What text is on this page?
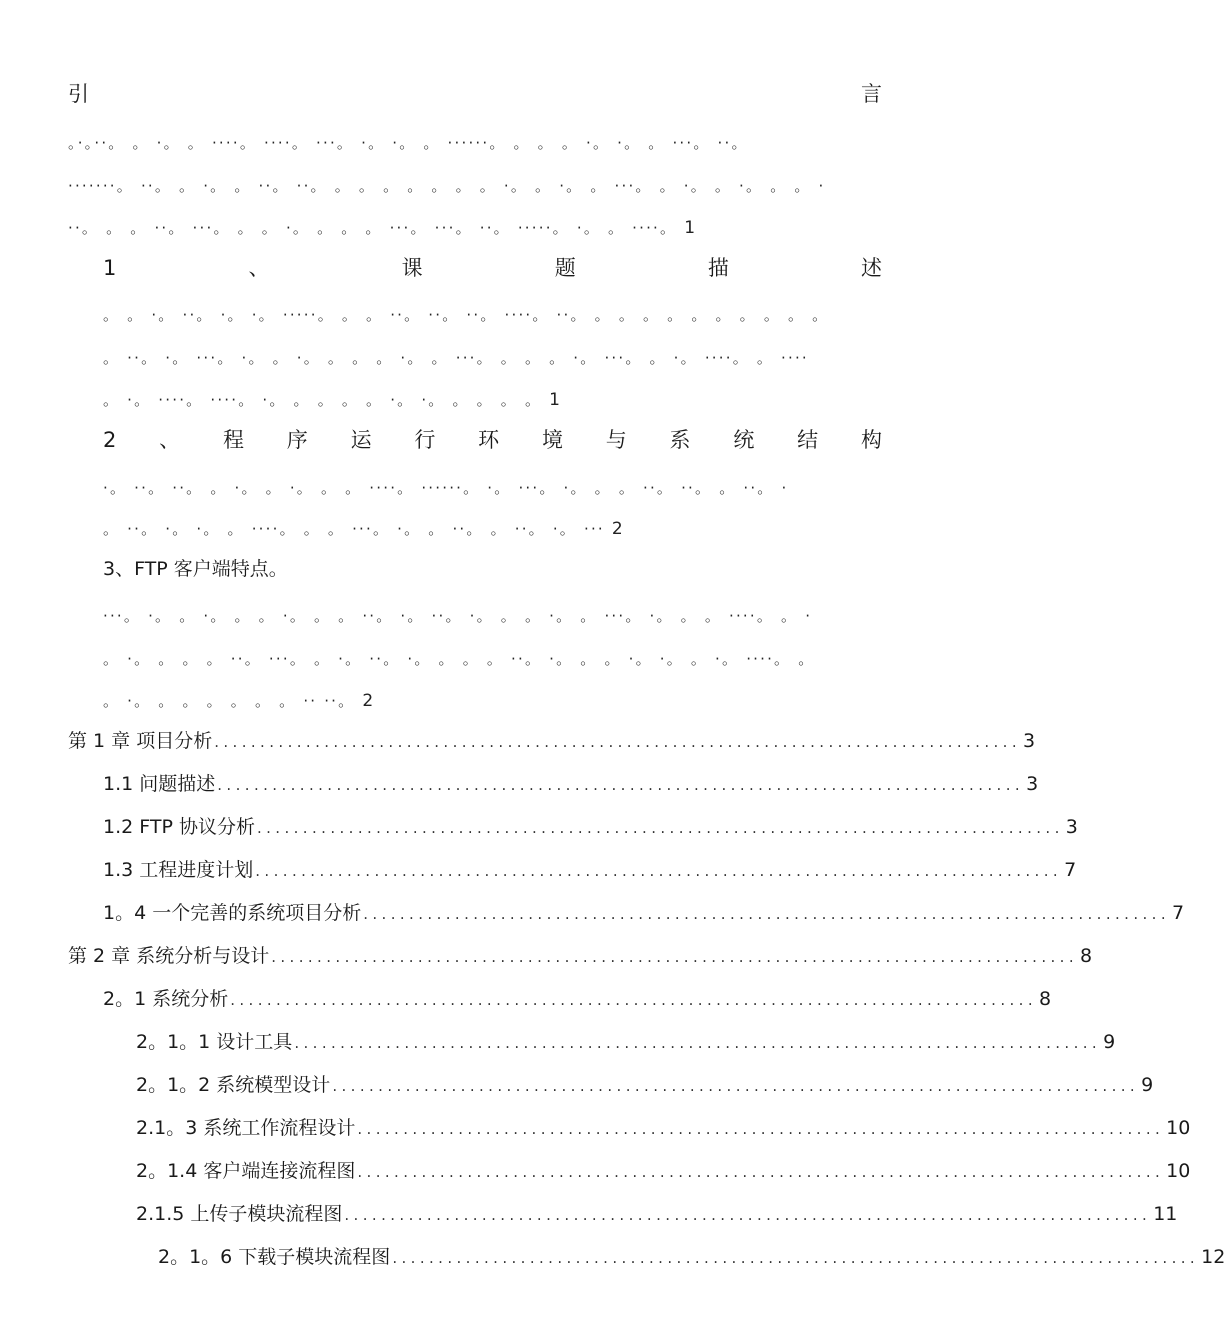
引	言
。·。··。 。 ·。 。 ····。 ····。 ···。 ·。 ·。 。 ······。 。 。 。 ·。 ·。 。 ···。 ··。
·······。 ··。 。 ·。 。 ··。 ··。 。 。 。 。 。 。 。 ·。 。 ·。 。 ···。 。 ·。 。 ·。 。 。 ·
··。 。 。 ··。 ···。 。 。 ·。 。 。 。 ···。 ···。 ··。 ·····。 ·。 。 ····。 1
1	、	课	题	描	述
。 。 ·。 ··。 ·。 ·。 ·····。 。 。 ··。 ··。 ··。 ····。 ··。 。 。 。 。 。 。 。 。 。 。
。 ··。 ·。 ···。 ·。 。 ·。 。 。 。 ·。 。 ···。 。 。 。 ·。 ···。 。 ·。 ····。 。 ····
。 ·。 ····。 ····。 ·。 。 。 。 。 ·。 ·。 。 。 。 。 1
2 、 程 序 运 行 环 境 与 系 统 结 构
·。 ··。 ··。 。 ·。 。 ·。 。 。 ····。 ······。 ·。 ···。 ·。 。 。 ··。 ··。 。 ··。 ·
。 ··。 ·。 ·。 。 ····。 。 。 ···。 ·。 。 ··。 。 ··。 ·。 ··· 2
3、FTP 客户端特点。
···。 ·。 。 ·。 。 。 ·。 。 。 ··。 ·。 ··。 ·。 。 。 ·。 。 ···。 ·。 。 。 ····。 。 ·
。 ·。 。 。 。 ··。 ···。 。 ·。 ··。 ·。 。 。 。 ··。 ·。 。 。 ·。 ·。 。 ·。 ····。 。
。 ·。 。 。 。 。 。 。 ·· ··。 2
第 1 章 项目分析 ........................................................................................ 3
1.1 问题描述 ........................................................................................ 3
1.2 FTP 协议分析 ........................................................................................ 3
1.3 工程进度计划 ........................................................................................ 7
1。4 一个完善的系统项目分析 ........................................................................................ 7
第 2 章 系统分析与设计 ........................................................................................ 8
2。1 系统分析 ........................................................................................ 8
2。1。1 设计工具 ........................................................................................ 9
2。1。2 系统模型设计 ........................................................................................ 9
2.1。3 系统工作流程设计 ........................................................................................ 10
2。1.4 客户端连接流程图 ........................................................................................ 10
2.1.5 上传子模块流程图 ........................................................................................ 11
2。1。6 下载子模块流程图 ........................................................................................ 12
